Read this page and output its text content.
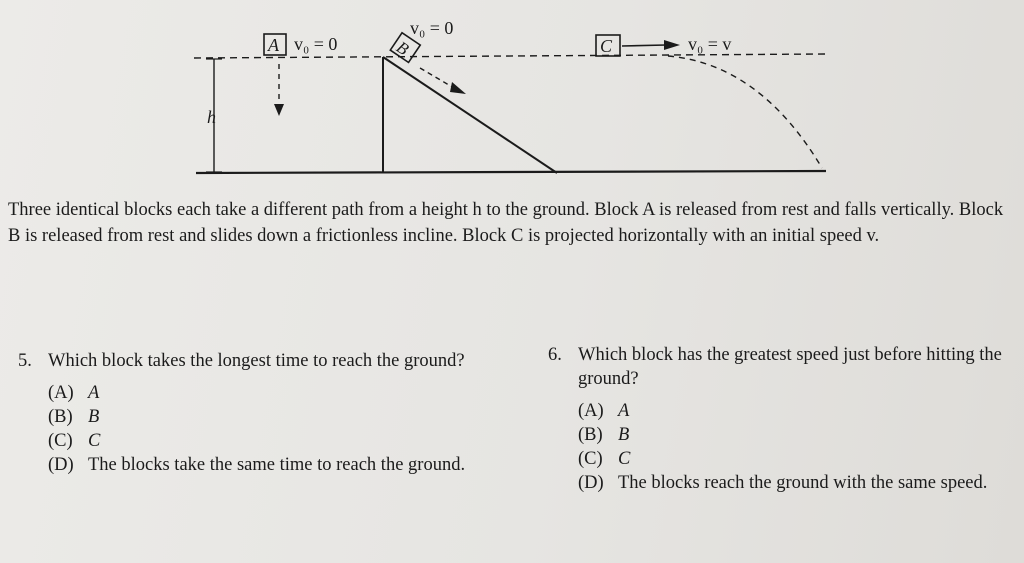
h
A v₀ = 0	B
v₀ = 0
C	v₀ = v

Three identical blocks each take a different path from a height h to the ground. Block A is released from rest and falls vertically. Block B is released from rest and slides down a frictionless incline. Block C is projected horizontally with an initial speed v.

5. Which block takes the longest time to reach the ground?
(A) A
(B) B
(C) C
(D) The blocks take the same time to reach the ground.
6. Which block has the greatest speed just before hitting the ground?
(A) A
(B) B
(C) C
(D) The blocks reach the ground with the same speed.
